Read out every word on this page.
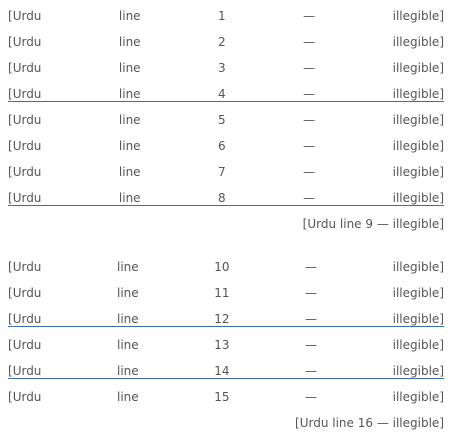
[Urdu line 1 — illegible]
[Urdu line 2 — illegible]
[Urdu line 3 — illegible]
[Urdu line 4 — illegible]
[Urdu line 5 — illegible]
[Urdu line 6 — illegible]
[Urdu line 7 — illegible]
[Urdu line 8 — illegible]
[Urdu line 9 — illegible]
[Urdu line 10 — illegible]
[Urdu line 11 — illegible]
[Urdu line 12 — illegible]
[Urdu line 13 — illegible]
[Urdu line 14 — illegible]
[Urdu line 15 — illegible]
[Urdu line 16 — illegible]
